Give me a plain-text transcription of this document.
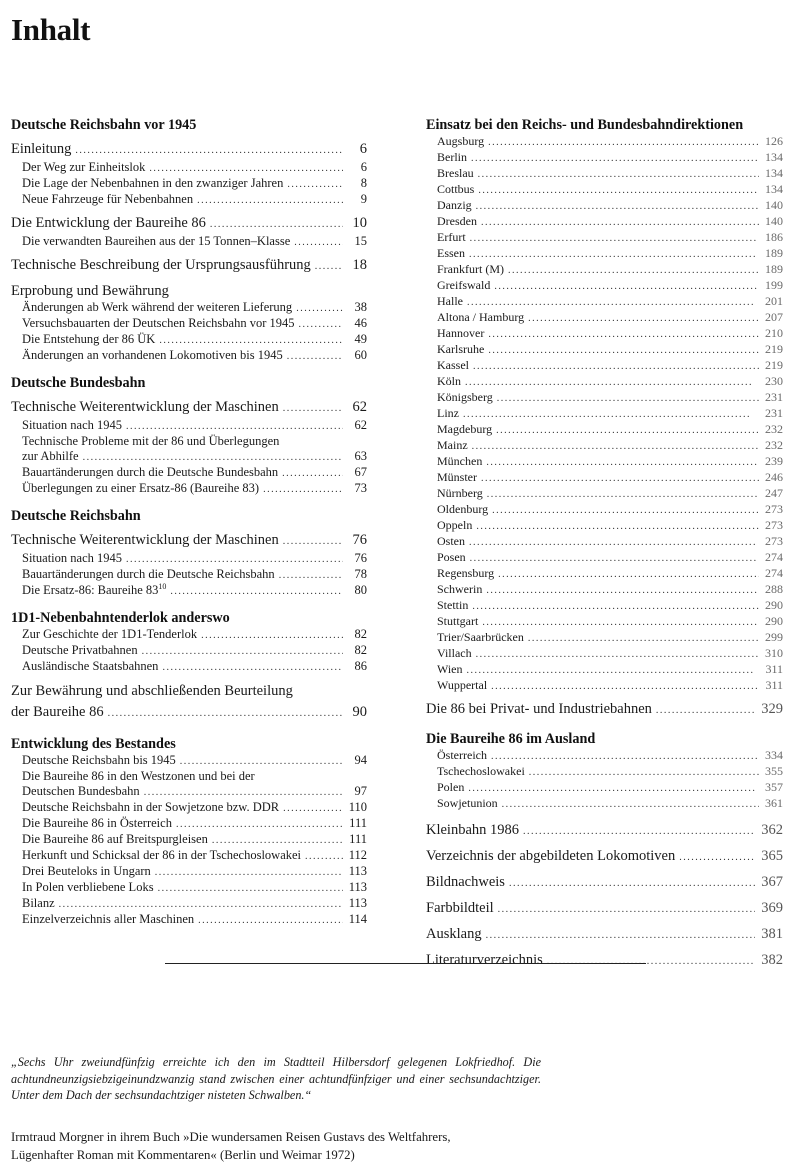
Inhalt
Deutsche Reichsbahn vor 1945
Einleitung . . .	6
Der Weg zur Einheitslok . . .	6
Die Lage der Nebenbahnen in den zwanziger Jahren . . .	8
Neue Fahrzeuge für Nebenbahnen . . .	9
Die Entwicklung der Baureihe 86 . . .	10
Die verwandten Baureihen aus der 15 Tonnen–Klasse . . .	15
Technische Beschreibung der Ursprungsausführung . . .	18
Erprobung und Bewährung
Änderungen ab Werk während der weiteren Lieferung . . .	38
Versuchsbauarten der Deutschen Reichsbahn vor 1945 . . .	46
Die Entstehung der 86 ÜK . . .	49
Änderungen an vorhandenen Lokomotiven bis 1945 . . .	60
Deutsche Bundesbahn
Technische Weiterentwicklung der Maschinen . . .	62
Situation nach 1945 . . .	62
Technische Probleme mit der 86 und Überlegungen
zur Abhilfe . . .	63
Bauartänderungen durch die Deutsche Bundesbahn . . .	67
Überlegungen zu einer Ersatz-86 (Baureihe 83) . . .	73
Deutsche Reichsbahn
Technische Weiterentwicklung der Maschinen . . .	76
Situation nach 1945 . . .	76
Bauartänderungen durch die Deutsche Reichsbahn . . .	78
Die Ersatz-86: Baureihe $83^{10}$ . . .	80
1D1-Nebenbahntenderlok anderswo
Zur Geschichte der 1D1-Tenderlok . . .	82
Deutsche Privatbahnen . . .	82
Ausländische Staatsbahnen . . .	86
Zur Bewährung und abschließenden Beurteilung
der Baureihe 86 . . .	90
Entwicklung des Bestandes
Deutsche Reichsbahn bis 1945 . . .	94
Die Baureihe 86 in den Westzonen und bei der
Deutschen Bundesbahn . . .	97
Deutsche Reichsbahn in der Sowjetzone bzw. DDR . . .	110
Die Baureihe 86 in Österreich . . .	111
Die Baureihe 86 auf Breitspurgleisen . . .	111
Herkunft und Schicksal der 86 in der Tschechoslowakei . . .	112
Drei Beuteloks in Ungarn . . .	113
In Polen verbliebene Loks . . .	113
Bilanz . . .	113
Einzelverzeichnis aller Maschinen . . .	114
Einsatz bei den Reichs- und Bundesbahndirektionen
Augsburg . . .	126
Berlin . . .	134
Breslau . . .	134
Cottbus . . .	134
Danzig . . .	140
Dresden . . .	140
Erfurt . . .	186
Essen . . .	189
Frankfurt (M) . . .	189
Greifswald . . .	199
Halle . . .	201
Altona / Hamburg . . .	207
Hannover . . .	210
Karlsruhe . . .	219
Kassel . . .	219
Köln . . .	230
Königsberg . . .	231
Linz . . .	231
Magdeburg . . .	232
Mainz . . .	232
München . . .	239
Münster . . .	246
Nürnberg . . .	247
Oldenburg . . .	273
Oppeln . . .	273
Osten . . .	273
Posen . . .	274
Regensburg . . .	274
Schwerin . . .	288
Stettin . . .	290
Stuttgart . . .	290
Trier/Saarbrücken . . .	299
Villach . . .	310
Wien . . .	311
Wuppertal . . .	311
Die 86 bei Privat- und Industriebahnen . . .	329
Die Baureihe 86 im Ausland
Österreich . . .	334
Tschechoslowakei . . .	355
Polen . . .	357
Sowjetunion . . .	361
Kleinbahn 1986 . . .	362
Verzeichnis der abgebildeten Lokomotiven . . .	365
Bildnachweis . . .	367
Farbbildteil . . .	369
Ausklang . . .	381
Literaturverzeichnis . . .	382
„Sechs Uhr zweiundfünfzig erreichte ich den im Stadtteil Hilbersdorf gelegenen Lokfriedhof. Die achtundneunzigsiebzigeinundzwanzig stand zwischen einer achtundfünfziger und einer sechsundachtziger. Unter dem Dach der sechsundachtziger nisteten Schwalben.“
Irmtraud Morgner in ihrem Buch »Die wundersamen Reisen Gustavs des Weltfahrers,
Lügenhafter Roman mit Kommentaren« (Berlin und Weimar 1972)
